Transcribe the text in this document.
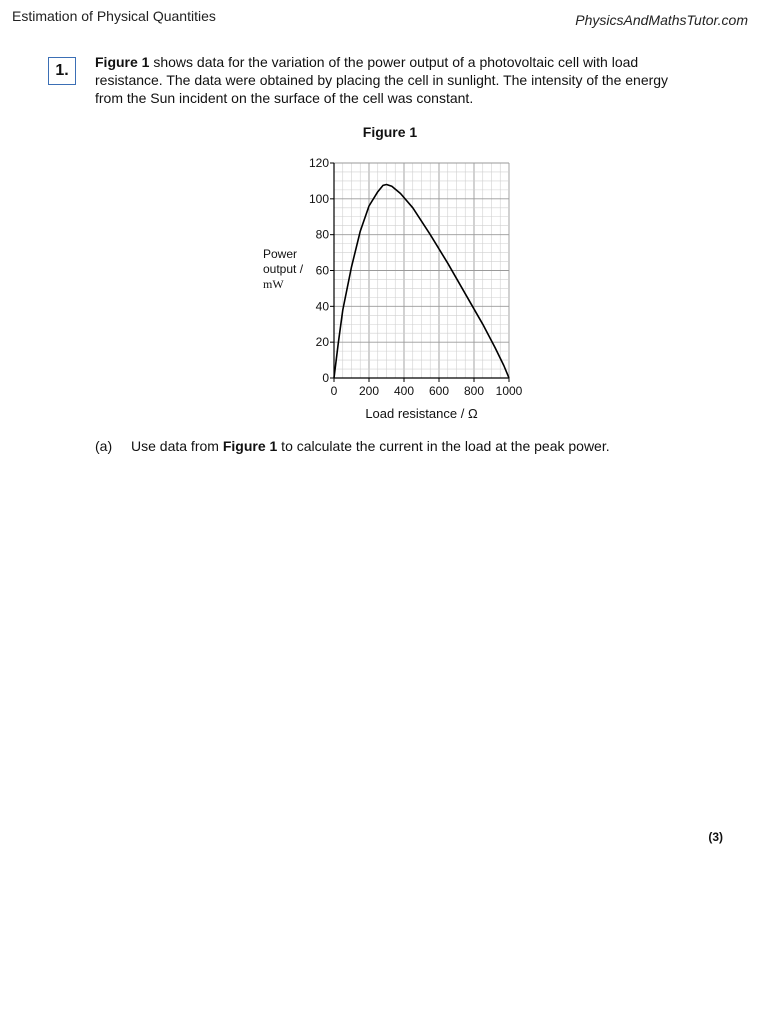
Estimation of Physical Quantities	PhysicsAndMathsTutor.com
1.	Figure 1 shows data for the variation of the power output of a photovoltaic cell with load resistance. The data were obtained by placing the cell in sunlight. The intensity of the energy from the Sun incident on the surface of the cell was constant.
Figure 1
0
20
40
60
80
100
120
0 200 400 600 800 1000
Load resistance / Ω
Power
output /
mW
(a) Use data from Figure 1 to calculate the current in the load at the peak power.
(3)
